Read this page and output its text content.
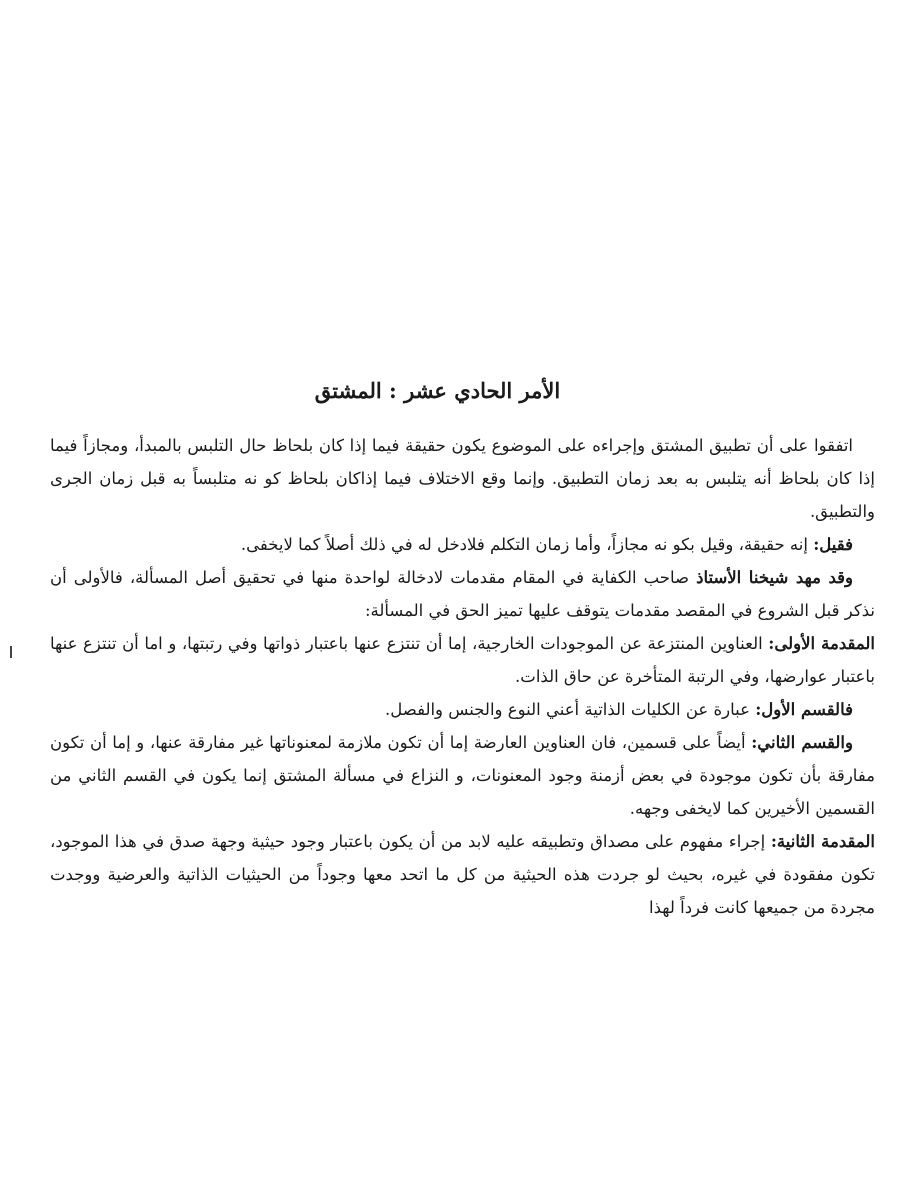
الأمر الحادي عشر : المشتق

اتفقوا على أن تطبيق المشتق وإجراءه على الموضوع يكون حقيقة فيما إذا كان بلحاظ حال التلبس بالمبدأ، ومجازاً فيما إذا كان بلحاظ أنه يتلبس به بعد زمان التطبيق. وإنما وقع الاختلاف فيما إذاكان بلحاظ كو نه متلبساً به قبل زمان الجرى والتطبيق.

فقيل: إنه حقيقة، وقيل بكو نه مجازاً، وأما زمان التكلم فلادخل له في ذلك أصلاً كما لايخفى.

وقد مهد شيخنا الأستاذ صاحب الكفاية في المقام مقدمات لادخالة لواحدة منها في تحقيق أصل المسألة، فالأولى أن نذكر قبل الشروع في المقصد مقدمات يتوقف عليها تميز الحق في المسألة:

المقدمة الأولى: العناوين المنتزعة عن الموجودات الخارجية، إما أن تنتزع عنها باعتبار ذواتها وفي رتبتها، و اما أن تنتزع عنها باعتبار عوارضها، وفي الرتبة المتأخرة عن حاق الذات.

فالقسم الأول: عبارة عن الكليات الذاتية أعني النوع والجنس والفصل.

والقسم الثاني: أيضاً على قسمين، فان العناوين العارضة إما أن تكون ملازمة لمعنوناتها غير مفارقة عنها، و إما أن تكون مفارقة بأن تكون موجودة في بعض أزمنة وجود المعنونات، و النزاع في مسألة المشتق إنما يكون في القسم الثاني من القسمين الأخيرين كما لايخفى وجهه.

المقدمة الثانية: إجراء مفهوم على مصداق وتطبيقه عليه لابد من أن يكون باعتبار وجود حيثية وجهة صدق في هذا الموجود، تكون مفقودة في غيره، بحيث لو جردت هذه الحيثية من كل ما اتحد معها وجوداً من الحيثيات الذاتية والعرضية ووجدت مجردة من جميعها كانت فرداً لهذا
